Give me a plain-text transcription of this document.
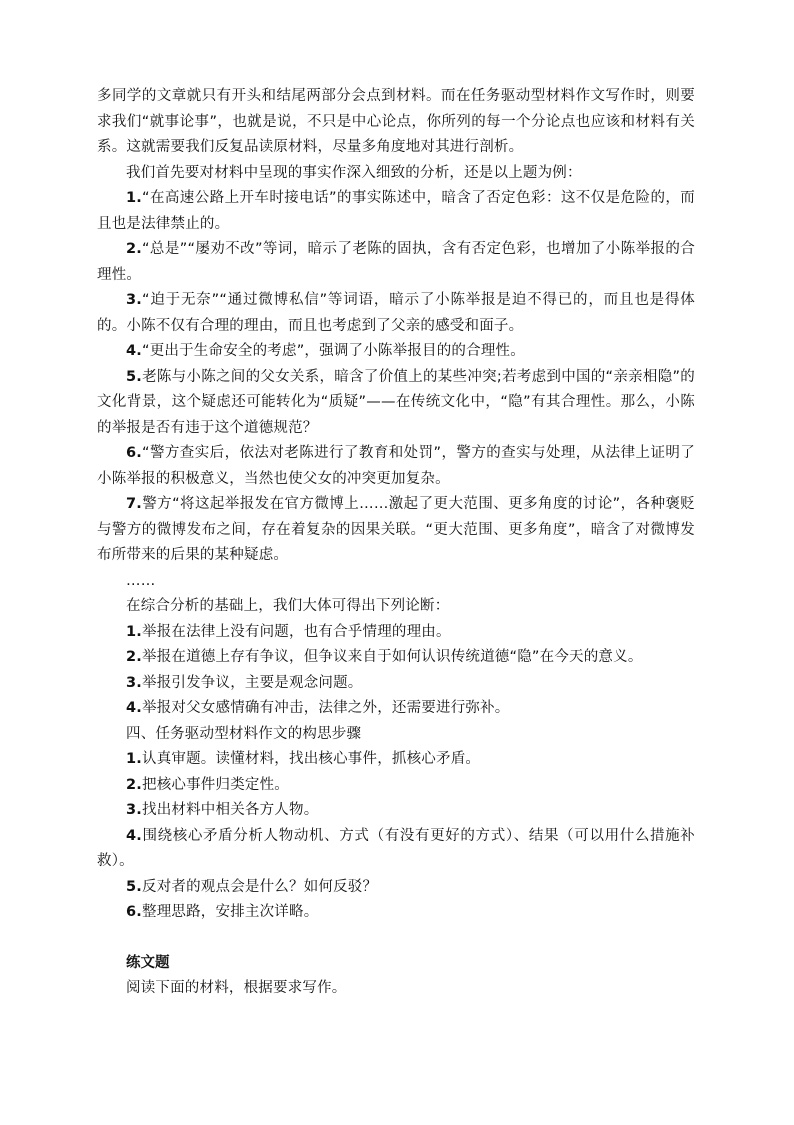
多同学的文章就只有开头和结尾两部分会点到材料。而在任务驱动型材料作文写作时，则要求我们“就事论事”，也就是说，不只是中心论点，你所列的每一个分论点也应该和材料有关系。这就需要我们反复品读原材料，尽量多角度地对其进行剖析。

我们首先要对材料中呈现的事实作深入细致的分析，还是以上题为例：

1.“在高速公路上开车时接电话”的事实陈述中，暗含了否定色彩：这不仅是危险的，而且也是法律禁止的。

2.“总是”“屡劝不改”等词，暗示了老陈的固执，含有否定色彩，也增加了小陈举报的合理性。

3.“迫于无奈”“通过微博私信”等词语，暗示了小陈举报是迫不得已的，而且也是得体的。小陈不仅有合理的理由，而且也考虑到了父亲的感受和面子。

4.“更出于生命安全的考虑”，强调了小陈举报目的的合理性。

5.老陈与小陈之间的父女关系，暗含了价值上的某些冲突;若考虑到中国的“亲亲相隐”的文化背景，这个疑虑还可能转化为“质疑”——在传统文化中，“隐”有其合理性。那么，小陈的举报是否有违于这个道德规范？

6.“警方查实后，依法对老陈进行了教育和处罚”，警方的查实与处理，从法律上证明了小陈举报的积极意义，当然也使父女的冲突更加复杂。

7.警方“将这起举报发在官方微博上……激起了更大范围、更多角度的讨论”，各种褒贬与警方的微博发布之间，存在着复杂的因果关联。“更大范围、更多角度”，暗含了对微博发布所带来的后果的某种疑虑。

……

在综合分析的基础上，我们大体可得出下列论断：

1.举报在法律上没有问题，也有合乎情理的理由。

2.举报在道德上存有争议，但争议来自于如何认识传统道德“隐”在今天的意义。

3.举报引发争议，主要是观念问题。

4.举报对父女感情确有冲击，法律之外，还需要进行弥补。

四、任务驱动型材料作文的构思步骤

1.认真审题。读懂材料，找出核心事件，抓核心矛盾。

2.把核心事件归类定性。

3.找出材料中相关各方人物。

4.围绕核心矛盾分析人物动机、方式（有没有更好的方式）、结果（可以用什么措施补救）。

5.反对者的观点会是什么？如何反驳？

6.整理思路，安排主次详略。

练文题

阅读下面的材料，根据要求写作。
